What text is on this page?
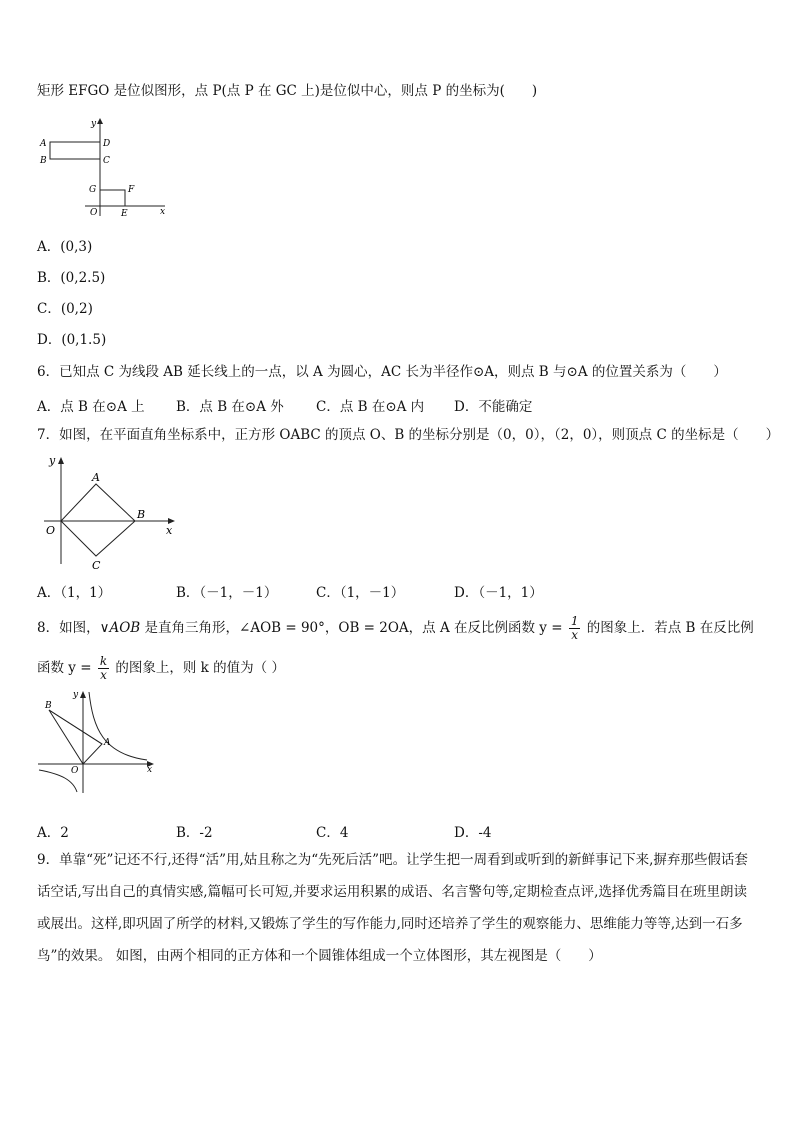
矩形 EFGO 是位似图形，点 P(点 P 在 GC 上)是位似中心，则点 P 的坐标为(　　)
A
B
D
C
G	F
O	E	x
y
A．(0,3)
B．(0,2.5)
C．(0,2)
D．(0,1.5)
6．已知点 C 为线段 AB 延长线上的一点，以 A 为圆心，AC 长为半径作⊙A，则点 B 与⊙A 的位置关系为（　　）
A．点 B 在⊙A 上 B．点 B 在⊙A 外 C．点 B 在⊙A 内 D．不能确定
7．如图，在平面直角坐标系中，正方形 OABC 的顶点 O、B 的坐标分别是（0，0），（2，0），则顶点 C 的坐标是（　　）
A
B
C
O	x
y
A．（1，1）	B．（－1，－1）	C．（1，－1）	D．（－1，1）
8．如图，∨AOB 是直角三角形，∠AOB = 90°，OB = 2OA，点 A 在反比例函数 $y = \frac{1}{x}$ 的图象上．若点 B 在反比例
函数 $y = \frac{k}{x}$ 的图象上，则 k 的值为（ ）
B
A
O	x
y
A．2	B．-2	C．4	D．-4
9．单靠“死”记还不行,还得“活”用,姑且称之为“先死后活”吧。让学生把一周看到或听到的新鲜事记下来,摒弃那些假话套话空话,写出自己的真情实感,篇幅可长可短,并要求运用积累的成语、名言警句等,定期检查点评,选择优秀篇目在班里朗读或展出。这样,即巩固了所学的材料,又锻炼了学生的写作能力,同时还培养了学生的观察能力、思维能力等等,达到一石多鸟”的效果。 如图，由两个相同的正方体和一个圆锥体组成一个立体图形，其左视图是（　　）
